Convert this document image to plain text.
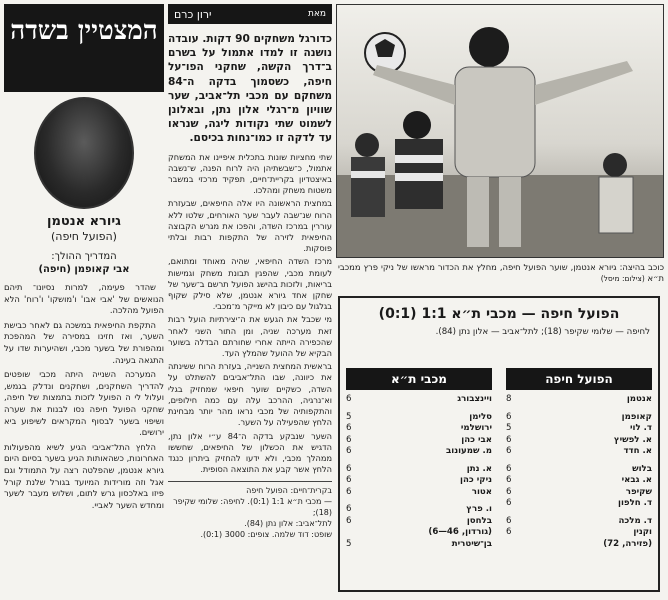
המצטיין בשדה
גיורא אנטמן
(הפועל חיפה)
המדריך ההולך:
אבי קאופמן (חיפה)

שהדר פעימה, למרות נסיונו־ תיהם הנואשים של 'אבי אבו' ו'מושקו' ו'רוח' הלא הפועל מהלכה.

התקפת החיפאית במשכה גם לאחר כבישת השער, ואז חזינו במסירה של המהפכת ומהפורת של בשער מכבי, ושהיערות שדו על התגאה בעינה.

המערכה השנייה היתה מכבי שופטים להדריך השחקנים, ושחקנים ונדלק בגמש, ועלול לי ה הפועל לזכות בתמצות של חיפה, שחקני הפועל חיפה נסו לבנות את שערה ושיפוי בשער לבסוף המקראים לשיפוע ביא ירושים.

הלחץ התל־אביבי הגיע לשיא מהפעולות האחרונות, כשהאותות הגיע בשער בסיום היום גיורא אנטמן, שהפלטה רצה על התמודל וגם אגל וזה מורידות המיועד בגורל שלנת קורל פיזו באלכסון גרש לתום, ושלוש מעבר לשער ומחדש השער לאביי.

מאת
ירון כרם
כדורגל משחקים 90 דקות. עובדה נושנה זו למדו אתמול על בשרם ב־דרך הקשה, שחקני הפו־על חיפה, כשסמוך בדקה ה־84 משחקם עם מכבי תל־אביב, שער שוויון מ־רגלי אלון נתן, ובאלונן לשמוט שתי נקודות ליגה, שנראו עד לדקה זו כמו־נחות בכיסם.

שתי מחציות שונות בתכלית איפיינו את המשחק אתמול, כ־שבשתיהן היה לרוח הפנה, ש־נשבה באיצטדיון בקריית־חיים, תפקיד מרכזי במשבר משטוח משחק ומהלכו.

במחצית הראשונה היו אלה החיפאים, שבעזרת הרוח שנ־שבה לעבר שער האורחים, שלטו ללא עוררין במרכז השדה, והפכו את מגרש הקבוצה החיפאית לזירה של התקפות רבות ובלתי פוסקות.

מרכז השדה החיפאי, שהיה מאוחד ומתואם, לעומת מכבי, שהפגין תבונת משחק וגמישות בריאות, ולזכות בהישג הפועל תרשם ב־שער של שחקן אחד גיורא אנטמן, שלא סילק שקוף בגלגול עם כיבון לא מייקר מ־מכבי.

מי שכבל את הגעש את ה־יצירתיות הועל רבות זאת מערכה שניה, ומן התור השני לאחר שהכפירה הייתה אחרי שחורתם הבדלה בשוער הבקיא של ההועל שהמלץ העד.

בראשית המחצית השנייה, בעזרת הרוח ששינתה את כיוונה, שבו התל־אביבים להשתלט על השדה, כשקיים שוער חיפאי שמחזיק בגלי וא־נרגיה, ההרכב עלה עם כמה חילופים, והתקפותיה של מכבי נראו מהר יותר מבחינת הלחץ שהפעילה על השער.

השער שנבקע בדקה ה־84 ע״י אלון נתן, הדגיש את הכשלון של החיפאים, שחששו ממהלך מכבי, ולא ידעו להחזיק ביתרון כנגד הלחץ אשר קבע את התוצאה הסופית.

בקרית־חיים: הפועל חיפה
— מכבי ת״א 1:1 (0:1). לחיפה: שלומי שקיפר (18);
לתל־אביב: אלון נתן (84).
שופט: דוד שלמה. צופים: 3000 (0:1).
כוכב בהיצה: גיורא אנטמן, שוער הפועל חיפה, מחלץ את הכדור מראשו של ניקי פרץ ממכבי ת״א (צילום: מיסל)
הפועל חיפה — מכבי ת״א 1:1 (0:1)
לחיפה — שלומי שקיפר (18); לתל־אביב — אלון נתן (84).
הפועל חיפה
אנטמן
8
קאופמן
6
ד. לוי
5
א. לפשיץ
6
א. חדד
6
בלוש
6
א. גבאי
6
שקיפר
6
ד. חלפון
6
ד. מלכה
6
וקנין
6
(פזירה, 72)
מכבי ת״א
ויינצבורג
6
סלימן
5
ירושלמי
6
אבי כהן
6
מ. שמעונוב
6
א. נתן
6
ניקי כהן
6
אטור
6
ו. פרץ
6
בלחסן
6
(גורדון, 46—6)
בן־שיטרית
5
